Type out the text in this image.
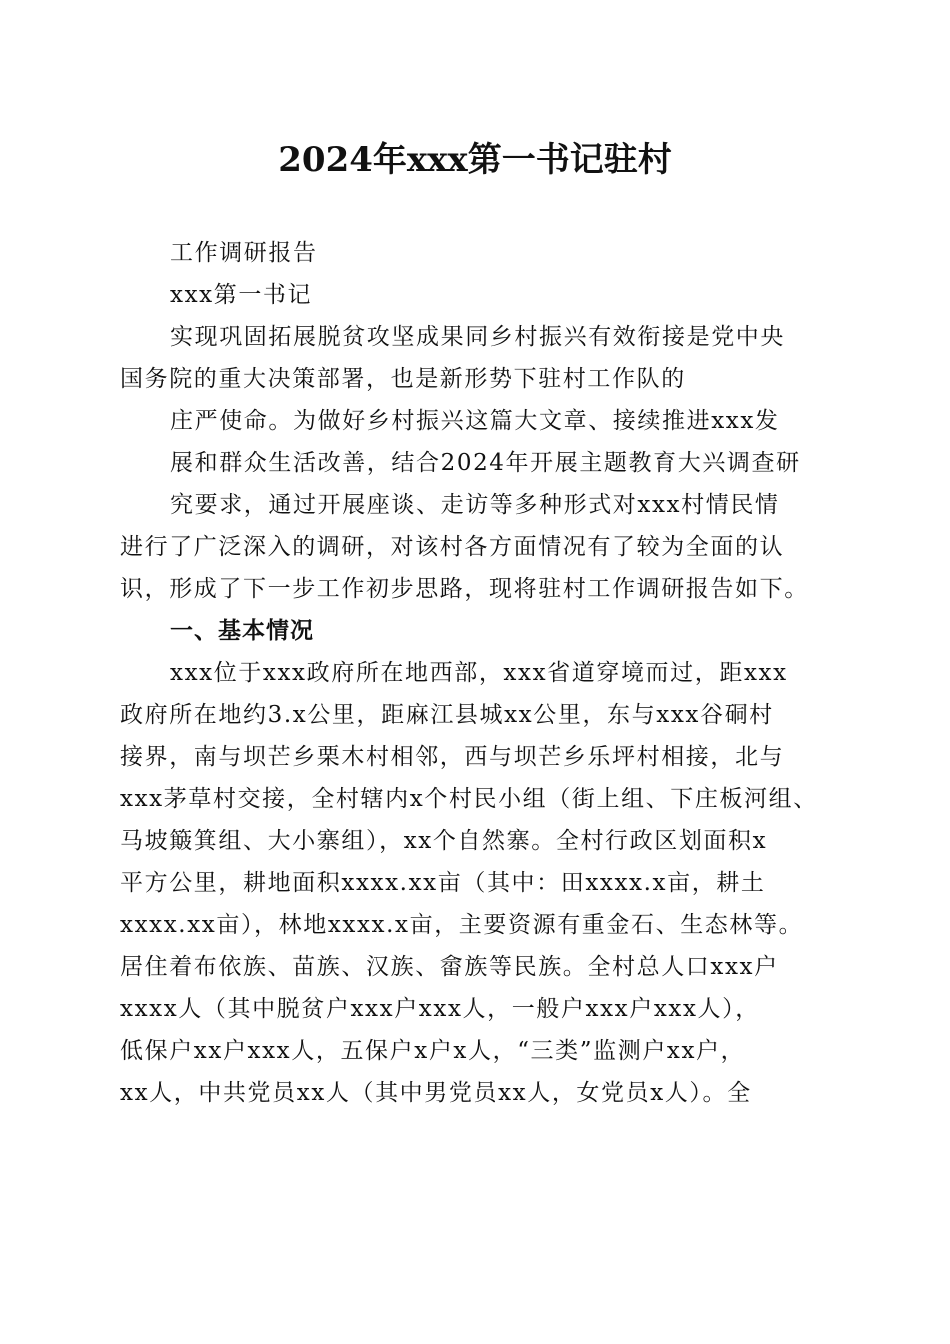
2024年xxx第一书记驻村
工作调研报告
xxx第一书记
实现巩固拓展脱贫攻坚成果同乡村振兴有效衔接是党中央
国务院的重大决策部署，也是新形势下驻村工作队的
庄严使命。为做好乡村振兴这篇大文章、接续推进xxx发
展和群众生活改善，结合2024年开展主题教育大兴调查研
究要求，通过开展座谈、走访等多种形式对xxx村情民情
进行了广泛深入的调研，对该村各方面情况有了较为全面的认
识，形成了下一步工作初步思路，现将驻村工作调研报告如下。
一、基本情况
xxx位于xxx政府所在地西部，xxx省道穿境而过，距xxx
政府所在地约3.x公里，距麻江县城xx公里，东与xxx谷硐村
接界，南与坝芒乡栗木村相邻，西与坝芒乡乐坪村相接，北与
xxx茅草村交接，全村辖内x个村民小组（街上组、下庄板河组、
马坡簸箕组、大小寨组），xx个自然寨。全村行政区划面积x
平方公里，耕地面积xxxx.xx亩（其中：田xxxx.x亩，耕土
xxxx.xx亩），林地xxxx.x亩，主要资源有重金石、生态林等。
居住着布依族、苗族、汉族、畲族等民族。全村总人口xxx户
xxxx人（其中脱贫户xxx户xxx人，一般户xxx户xxx人），
低保户xx户xxx人，五保户x户x人，“三类”监测户xx户，
xx人，中共党员xx人（其中男党员xx人，女党员x人）。全
